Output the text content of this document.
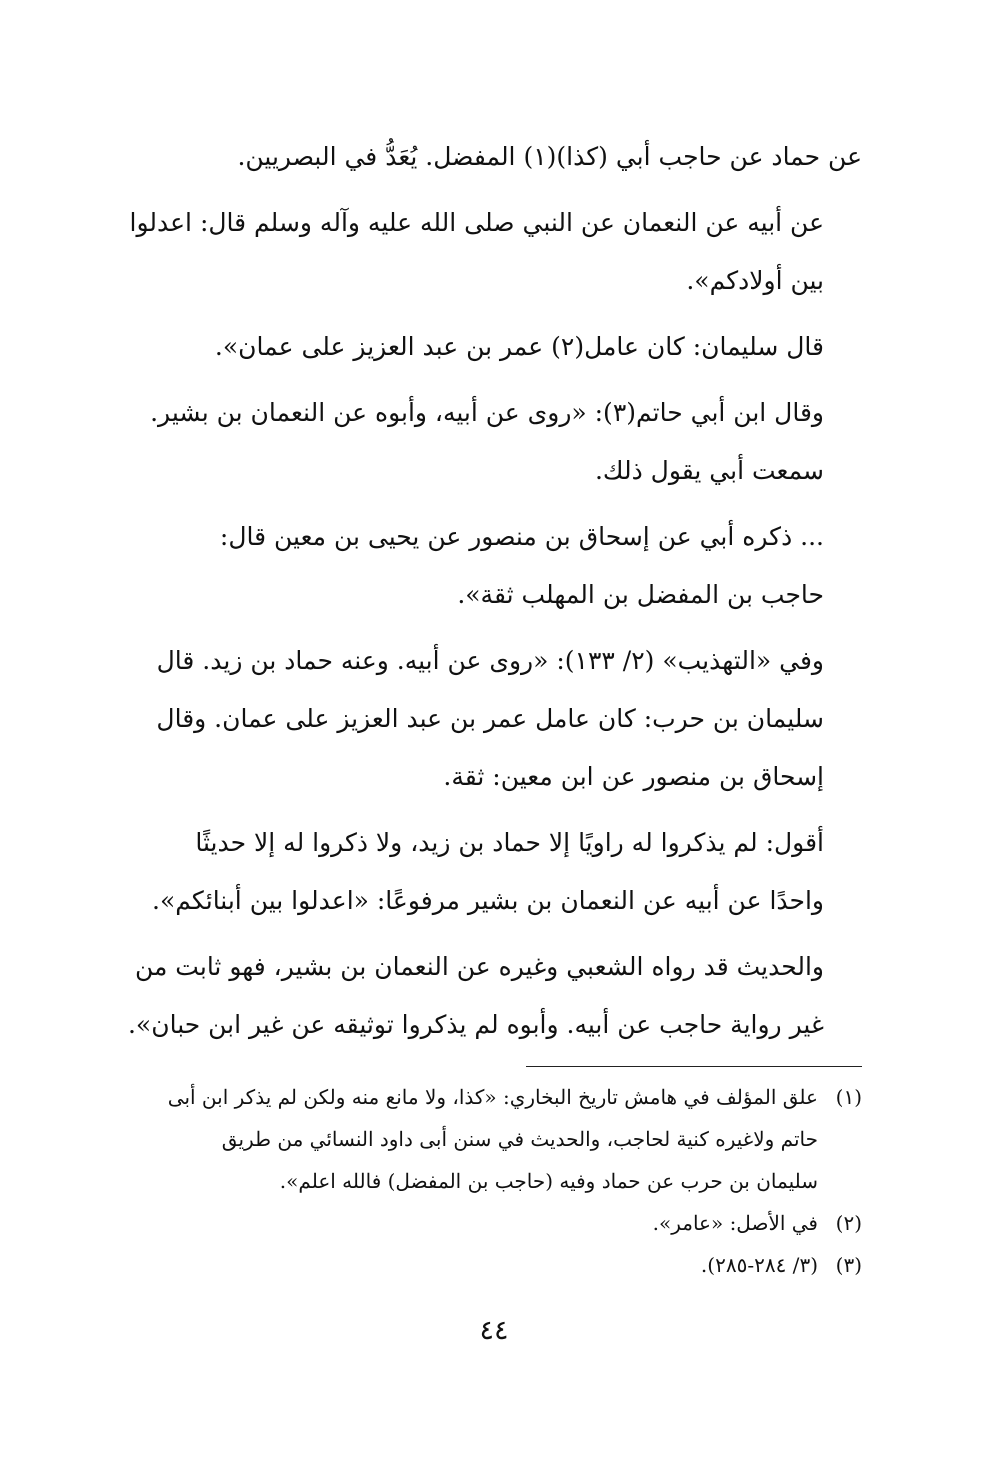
عن حماد عن حاجب أبي (كذا)(١) المفضل. يُعَدُّ في البصريين.

عن أبيه عن النعمان عن النبي صلى الله عليه وآله وسلم قال: اعدلوا
بين أولادكم».

قال سليمان: كان عامل(٢) عمر بن عبد العزيز على عمان».

وقال ابن أبي حاتم(٣): «روى عن أبيه، وأبوه عن النعمان بن بشير.
سمعت أبي يقول ذلك.

... ذكره أبي عن إسحاق بن منصور عن يحيى بن معين قال:
حاجب بن المفضل بن المهلب ثقة».

وفي «التهذيب» (٢/ ١٣٣): «روى عن أبيه. وعنه حماد بن زيد. قال
سليمان بن حرب: كان عامل عمر بن عبد العزيز على عمان. وقال
إسحاق بن منصور عن ابن معين: ثقة.

أقول: لم يذكروا له راويًا إلا حماد بن زيد، ولا ذكروا له إلا حديثًا
واحدًا عن أبيه عن النعمان بن بشير مرفوعًا: «اعدلوا بين أبنائكم».

والحديث قد رواه الشعبي وغيره عن النعمان بن بشير، فهو ثابت من
غير رواية حاجب عن أبيه. وأبوه لم يذكروا توثيقه عن غير ابن حبان».

(١)علق المؤلف في هامش تاريخ البخاري: «كذا، ولا مانع منه ولكن لم يذكر ابن أبى
حاتم ولاغيره كنية لحاجب، والحديث في سنن أبى داود النسائي من طريق
سليمان بن حرب عن حماد وفيه (حاجب بن المفضل) فالله اعلم».
(٢)في الأصل: «عامر».
(٣)(٣/ ٢٨٤-٢٨٥).
٤٤
